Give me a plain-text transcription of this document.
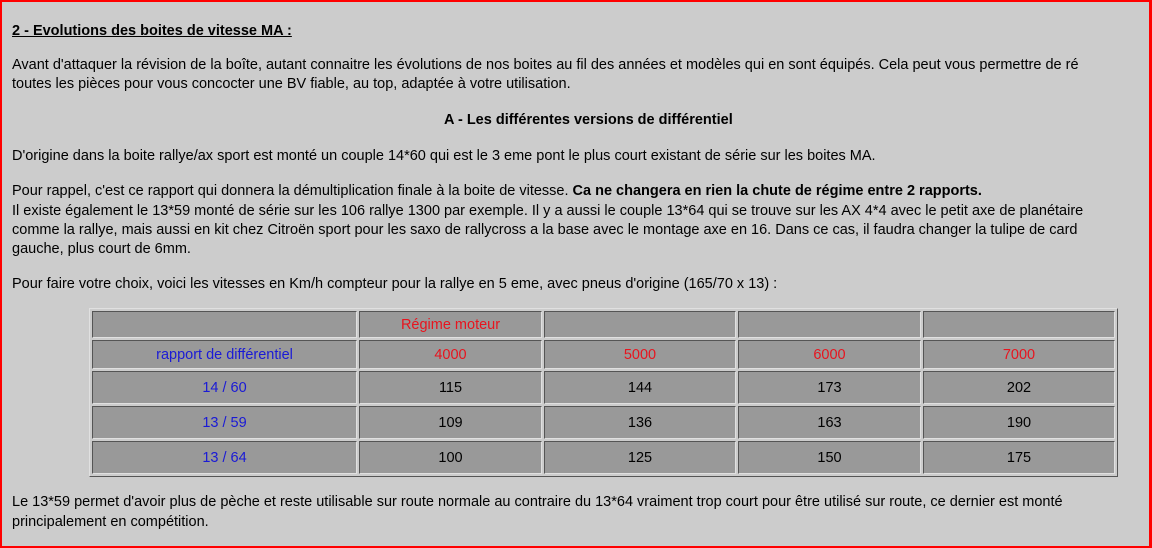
2 - Evolutions des boites de vitesse MA :
Avant d'attaquer la révision de la boîte, autant connaitre les évolutions de nos boites au fil des années et modèles qui en sont équipés. Cela peut vous permettre de ré
toutes les pièces pour vous concocter une BV fiable, au top, adaptée à votre utilisation.
A - Les différentes versions de différentiel
D'origine dans la boite rallye/ax sport est monté un couple 14*60 qui est le 3 eme pont le plus court existant de série sur les boites MA.
Pour rappel, c'est ce rapport qui donnera la démultiplication finale à la boite de vitesse. Ca ne changera en rien la chute de régime entre 2 rapports.
Il existe également le 13*59 monté de série sur les 106 rallye 1300 par exemple. Il y a aussi le couple 13*64 qui se trouve sur les AX 4*4 avec le petit axe de planétaire
comme la rallye, mais aussi en kit chez Citroën sport pour les saxo de rallycross a la base avec le montage axe en 16. Dans ce cas, il faudra changer la tulipe de card
gauche, plus court de 6mm.
Pour faire votre choix, voici les vitesses en Km/h compteur pour la rallye en 5 eme, avec pneus d'origine (165/70 x 13) :
Le 13*59 permet d'avoir plus de pèche et reste utilisable sur route normale au contraire du 13*64 vraiment trop court pour être utilisé sur route, ce dernier est monté
principalement en compétition.
	Régime moteur			
rapport de différentiel	4000	5000	6000	7000
14 / 60	115	144	173	202
13 / 59	109	136	163	190
13 / 64	100	125	150	175
